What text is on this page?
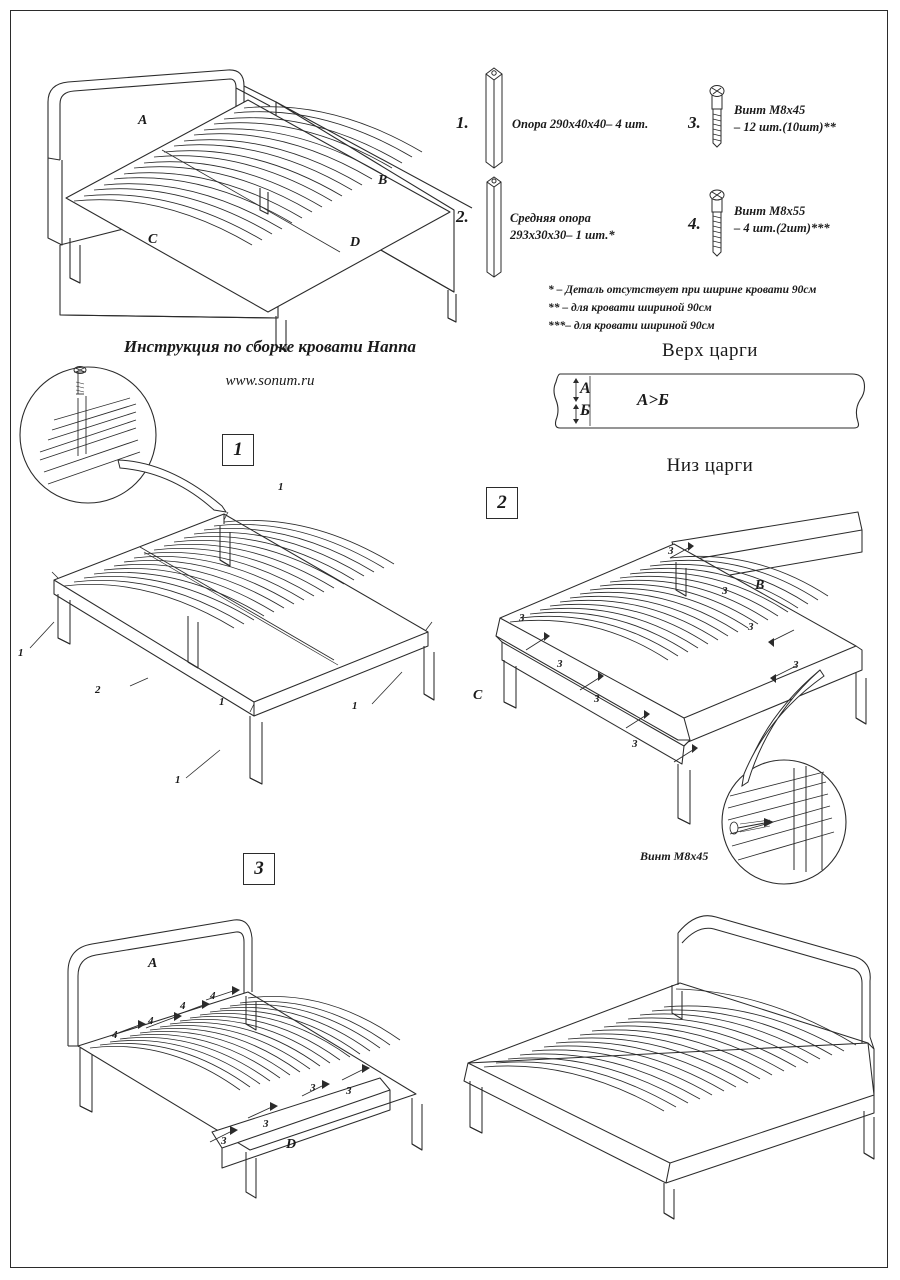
A
B
C	D
Инструкция по сборке кровати Наппа
www.sonum.ru
1.	Опора 290х40х40– 4 шт.
2.	Средняя опора
293х30х30– 1 шт.*
3.
Винт М8х45
– 12 шт.(10шт)**
4.
Винт М8х55
– 4 шт.(2шт)***
* – Деталь отсутствует при ширине кровати 90см
** – для кровати шириной 90см
***– для кровати шириной 90см
Верх царги
А
Б
А>Б
Низ царги
1
1
1
1
1
1
2
2
B
C
3
3
3
3
3
3
3
3
Винт М8х45
3
A
D
4
4
4
4
3	3
3
3
